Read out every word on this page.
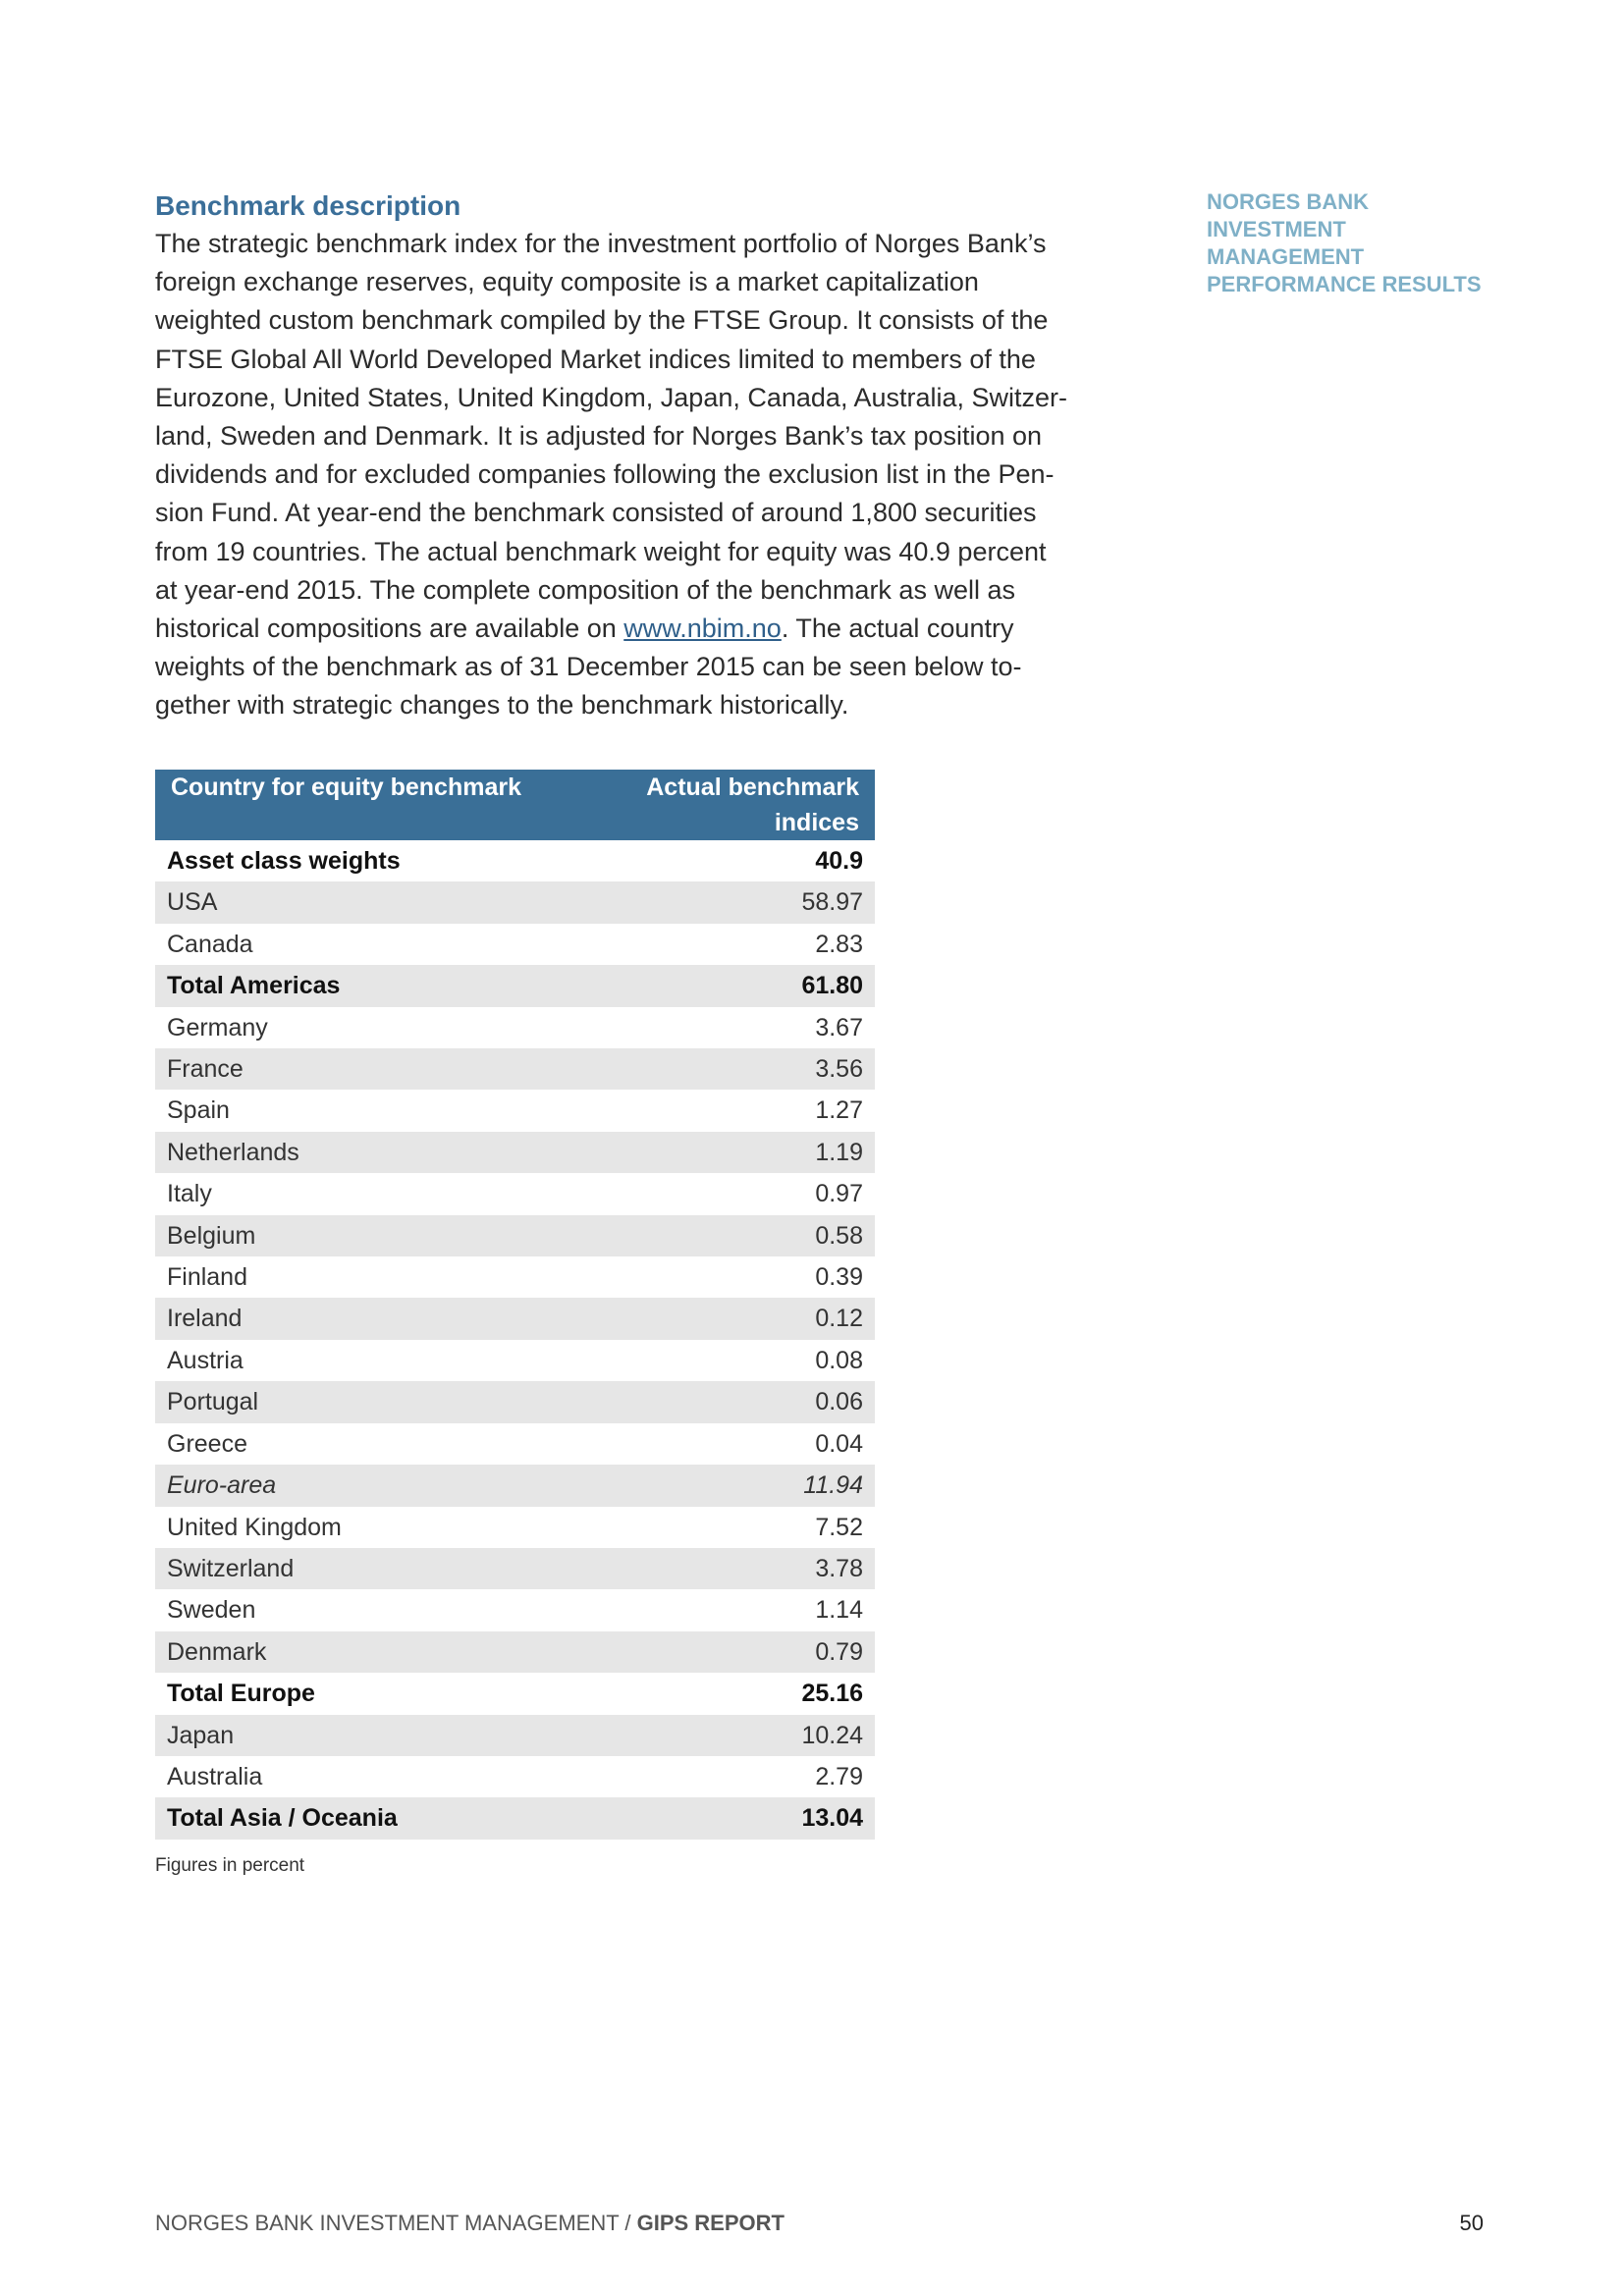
NORGES BANK
INVESTMENT
MANAGEMENT
PERFORMANCE RESULTS
Benchmark description
The strategic benchmark index for the investment portfolio of Norges Bank’s
foreign exchange reserves, equity composite is a market capitalization
weighted custom benchmark compiled by the FTSE Group. It consists of the
FTSE Global All World Developed Market indices limited to members of the
Eurozone, United States, United Kingdom, Japan, Canada, Australia, Switzer-
land, Sweden and Denmark. It is adjusted for Norges Bank’s tax position on
dividends and for excluded companies following the exclusion list in the Pen-
sion Fund. At year-end the benchmark consisted of around 1,800 securities
from 19 countries. The actual benchmark weight for equity was 40.9 percent
at year-end 2015. The complete composition of the benchmark as well as
historical compositions are available on www.nbim.no. The actual country
weights of the benchmark as of 31 December 2015 can be seen below to-
gether with strategic changes to the benchmark historically.
Country for equity benchmark	Actual benchmark
indices
Asset class weights	40.9
USA	58.97
Canada	2.83
Total Americas	61.80
Germany	3.67
France	3.56
Spain	1.27
Netherlands	1.19
Italy	0.97
Belgium	0.58
Finland	0.39
Ireland	0.12
Austria	0.08
Portugal	0.06
Greece	0.04
Euro-area	11.94
United Kingdom	7.52
Switzerland	3.78
Sweden	1.14
Denmark	0.79
Total Europe	25.16
Japan	10.24
Australia	2.79
Total Asia / Oceania	13.04
Figures in percent
NORGES BANK INVESTMENT MANAGEMENT / GIPS REPORT	50
